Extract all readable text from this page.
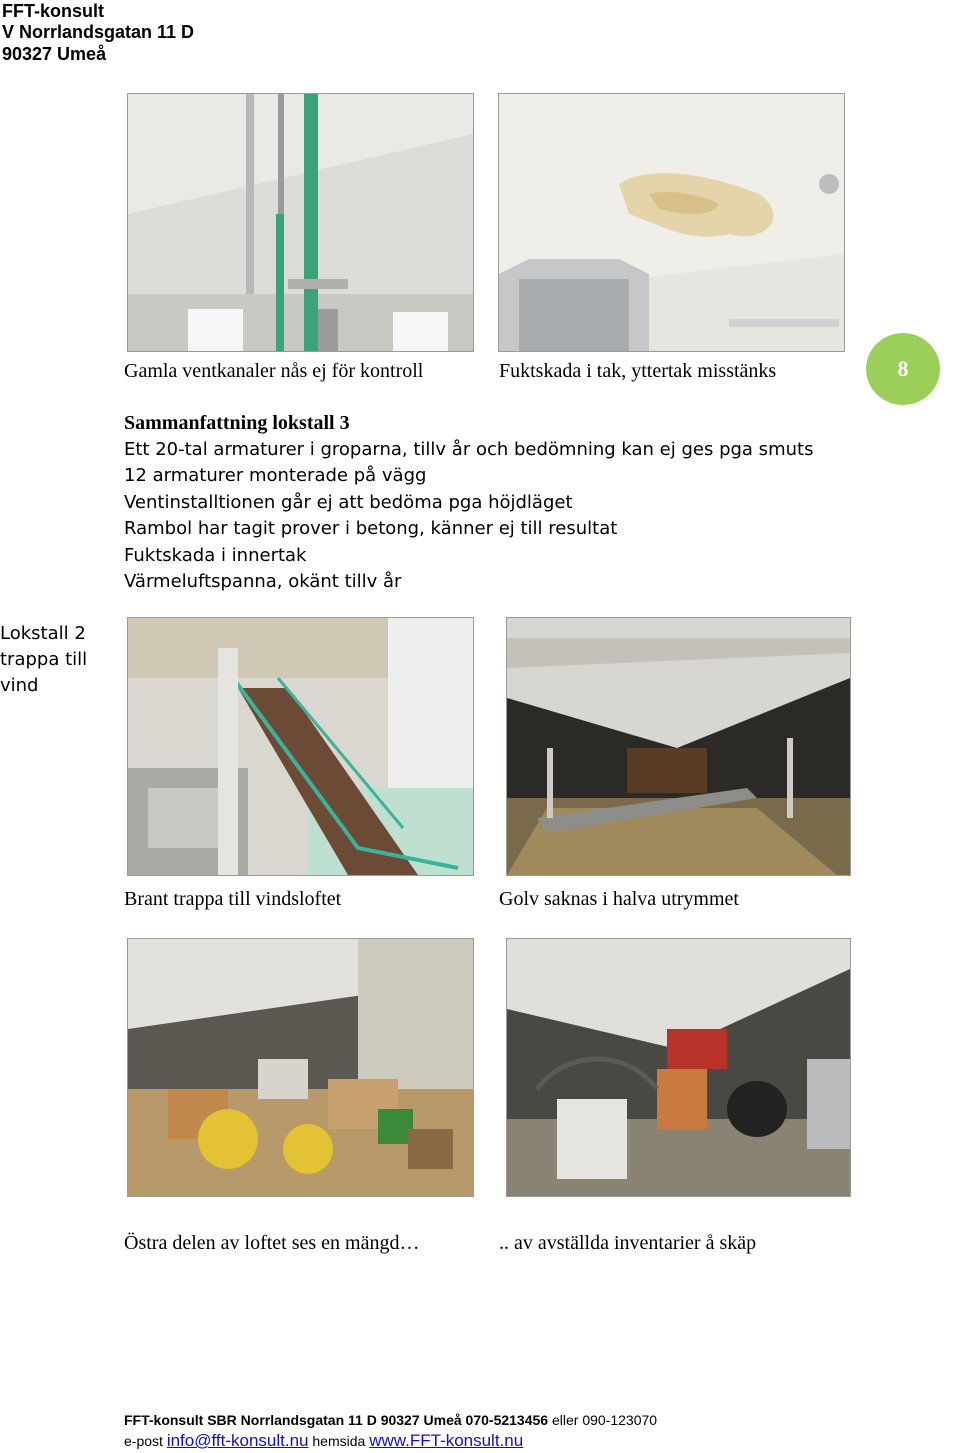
FFT-konsult
V Norrlandsgatan 11 D
90327 Umeå
Gamla ventkanaler nås ej för kontroll	Fuktskada i tak, yttertak misstänks	8
Sammanfattning lokstall 3
Ett 20-tal armaturer i groparna, tillv år och bedömning kan ej ges pga smuts
12 armaturer monterade på vägg
Ventinstalltionen går ej att bedöma pga höjdläget
Rambol har tagit prover i betong, känner ej till resultat
Fuktskada i innertak
Värmeluftspanna, okänt tillv år
Lokstall 2
trappa till
vind
Brant trappa till vindsloftet	Golv saknas i halva utrymmet
Östra delen av loftet ses en mängd…	.. av avställda inventarier å skäp
FFT-konsult SBR Norrlandsgatan 11 D 90327 Umeå 070-5213456 eller 090-123070
e-post info@fft-konsult.nu hemsida www.FFT-konsult.nu
